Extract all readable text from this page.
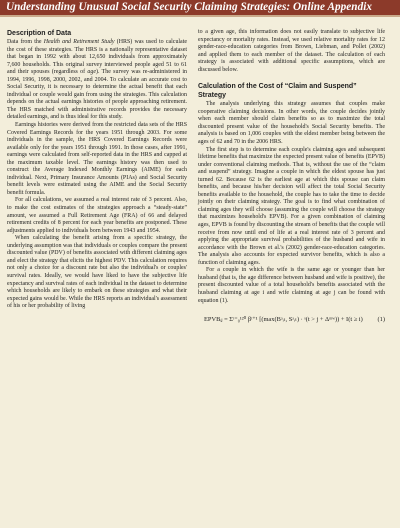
Understanding Unusual Social Security Claiming Strategies: Online Appendix
Description of Data

Data from the Health and Retirement Study (HRS) was used to calculate the cost of these strategies. The HRS is a nationally representative dataset that began in 1992 with about 12,650 individuals from approximately 7,600 households. This original survey interviewed people aged 51 to 61 and their spouses (regardless of age). The survey was re-administered in 1994, 1996, 1998, 2000, 2002, and 2004. To calculate an accurate cost to Social Security, it is necessary to determine the actual benefit that each individual or couple would gain from using the strategies. This calculation depends on the actual earnings histories of people approaching retirement. The HRS matched with administrative records provides the necessary detailed earnings, and is thus ideal for this study.

Earnings histories were derived from the restricted data sets of the HRS Covered Earnings Records for the years 1951 through 2003. For some individuals in the sample, the HRS Covered Earnings Records were available only for the years 1951 through 1991. In those cases, after 1991, earnings were calculated from self-reported data in the HRS and capped at the maximum taxable level. The earnings history was then used to construct the Average Indexed Monthly Earnings (AIME) for each individual. Next, Primary Insurance Amounts (PIAs) and Social Security benefit levels were estimated using the AIME and the Social Security benefit formula.

For all calculations, we assumed a real interest rate of 3 percent. Also, to make the cost estimates of the strategies approach a “steady-state” amount, we assumed a Full Retirement Age (FRA) of 66 and delayed retirement credits of 8 percent for each year benefits are postponed. These adjustments applied to individuals born between 1943 and 1954.

When calculating the benefit arising from a specific strategy, the underlying assumption was that individuals or couples compare the present discounted value (PDV) of benefits associated with different claiming ages and elect the strategy that elicits the highest PDV. This calculation requires not only a choice for a discount rate but also the individual's or couples' survival rates. Ideally, we would have liked to have the subjective life expectancy and survival rates of each individual in the dataset to determine which households are likely to embark on these strategies and what their expected gains would be. While the HRS reports an individual's assessment of his or her probability of living

to a given age, this information does not easily translate to subjective life expectancy or mortality rates. Instead, we used relative mortality rates for 12 gender-race-education categories from Brown, Liebman, and Pollet (2002) and applied them to each member of the dataset. The calculation of each strategy is associated with additional specific assumptions, which are discussed below.

Calculation of the Cost of “Claim and Suspend” Strategy

The analysis underlying this strategy assumes that couples make cooperative claiming decisions. In other words, the couple decides jointly when each member should claim benefits so as to maximize the total discounted present value of the household's Social Security benefits. The analysis is based on 1,006 couples with the eldest member being between the ages of 62 and 70 in the 2006 HRS.

The first step is to determine each couple's claiming ages and subsequent lifetime benefits that maximize the expected present value of benefits (EPVB) under conventional claiming methods. That is, without the use of the “claim and suspend” strategy. Imagine a couple in which the eldest spouse has just turned 62. Because 62 is the earliest age at which this spouse can claim benefits, and because his/her decision will affect the total Social Security benefits available to the household, the couple has to take the time to decide jointly on their claiming strategy. The goal is to find what combination of claiming ages they will choose (assuming the couple will choose the strategy that maximizes household's EPVB). For a given combination of claiming ages, EPVB is found by discounting the stream of benefits that the couple will receive from now until end of life at a real interest rate of 3 percent and applying the appropriate survival probabilities of the husband and wife in accordance with the Brown et al.'s (2002) gender-race-education categories. The analysis also accounts for expected survivor benefits, which is also a function of claiming ages.

For a couple in which the wife is the same age or younger than her husband (that is, the age difference between husband and wife is positive), the present discounted value of a total household's benefits associated with the husband claiming at age i and wife claiming at age j can be found with equation (1).

EPVBᵢⱼ = Σᵗ⁼₀¹²⁰ βᵗ⁺¹ [(max(Bᵃᵢₜ, Sᵃᵢₜ) · ˢ(t > j + Δᵐʷ)) + I(t ≥ i) (1)
